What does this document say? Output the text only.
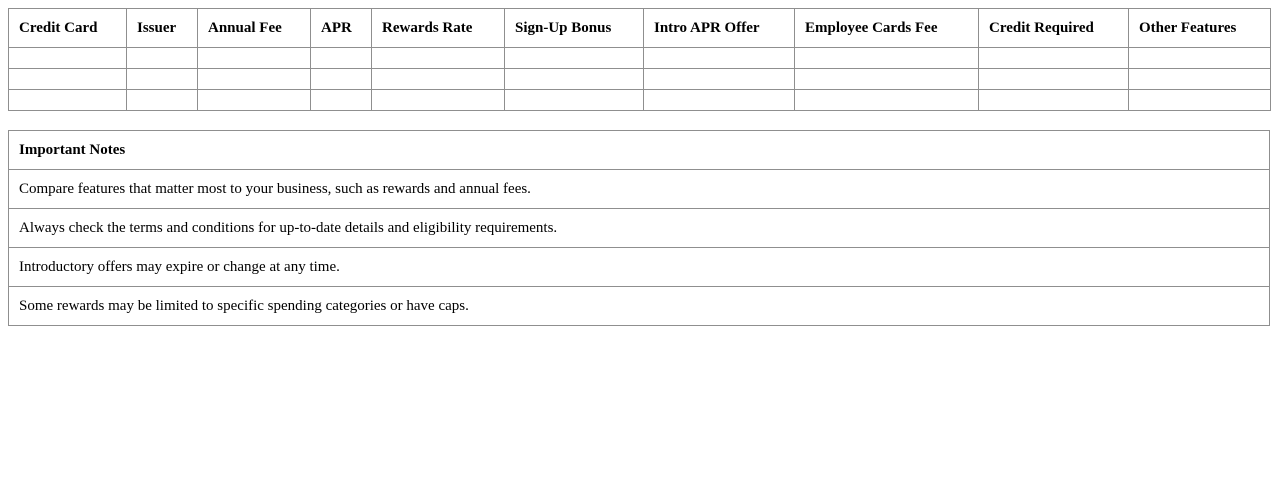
Credit Card	Issuer	Annual Fee	APR	Rewards Rate	Sign-Up Bonus	Intro APR Offer	Employee Cards Fee	Credit Required	Other Features

Important Notes
Compare features that matter most to your business, such as rewards and annual fees.
Always check the terms and conditions for up-to-date details and eligibility requirements.
Introductory offers may expire or change at any time.
Some rewards may be limited to specific spending categories or have caps.
